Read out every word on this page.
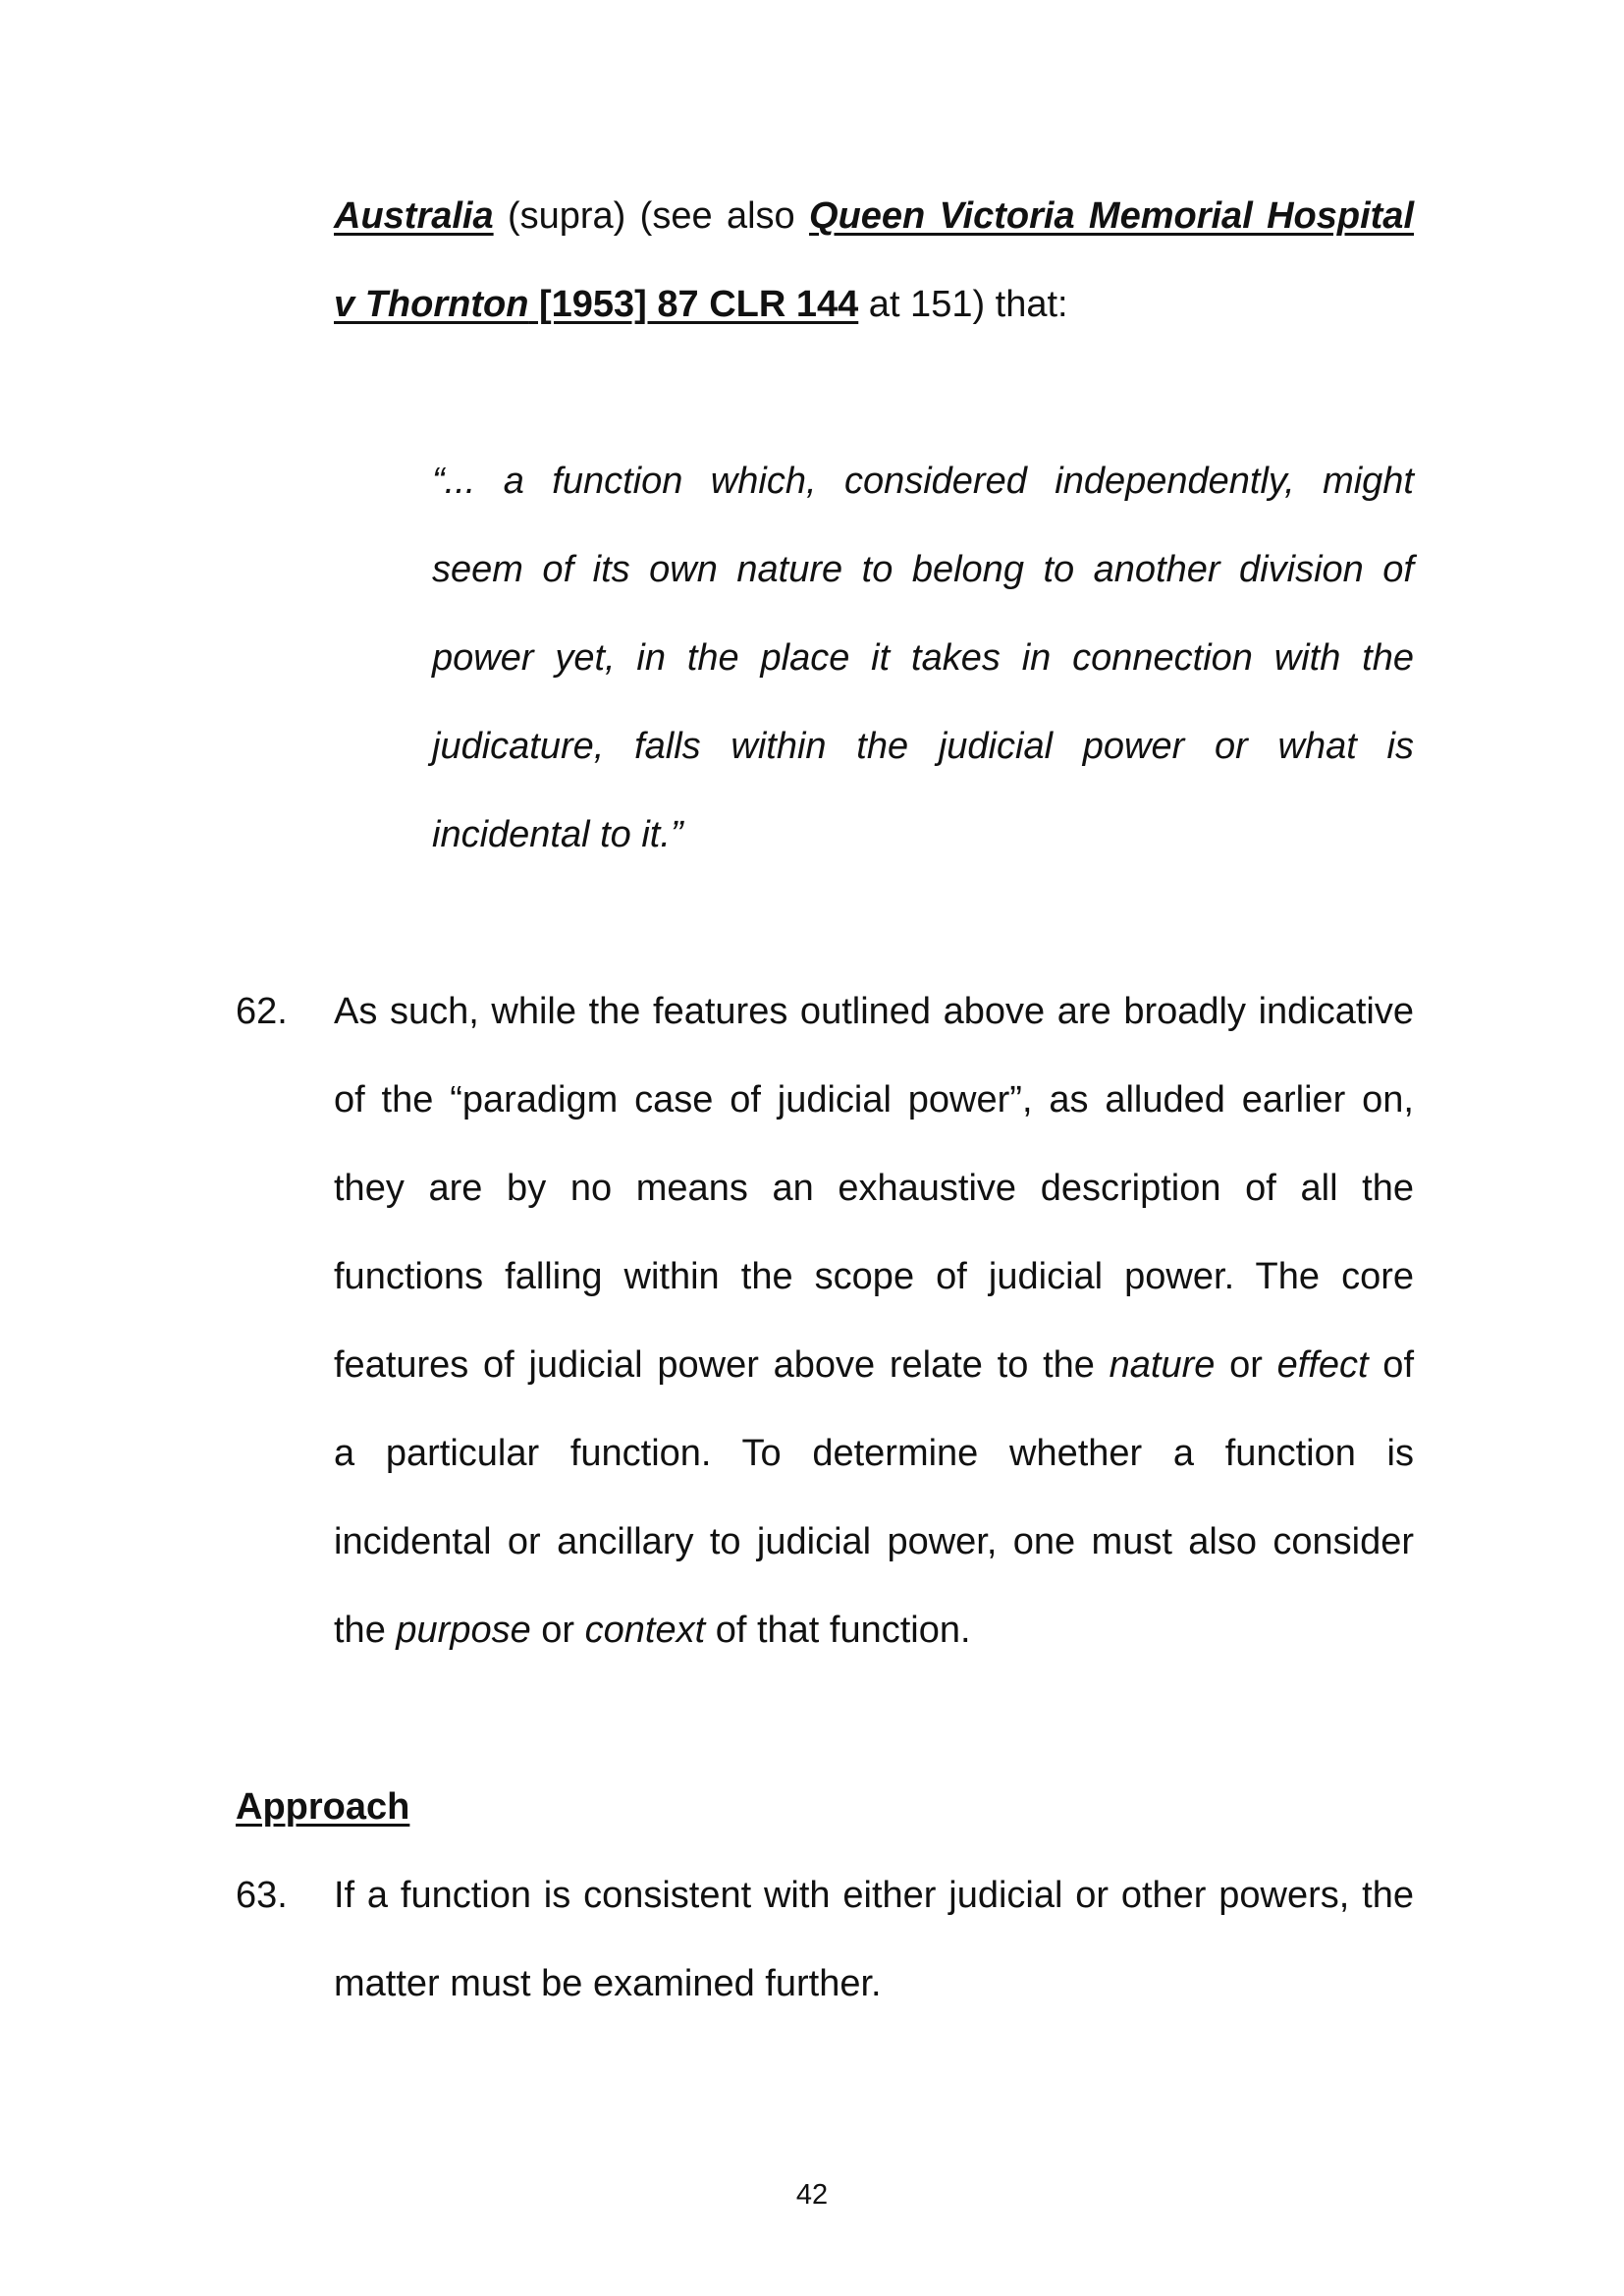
Australia (supra) (see also Queen Victoria Memorial Hospital
v Thornton [1953] 87 CLR 144 at 151) that:
“... a function which, considered independently, might
seem of its own nature to belong to another division of
power yet, in the place it takes in connection with the
judicature, falls within the judicial power or what is
incidental to it.”
62. As such, while the features outlined above are broadly indicative
of the “paradigm case of judicial power”, as alluded earlier on,
they are by no means an exhaustive description of all the
functions falling within the scope of judicial power. The core
features of judicial power above relate to the nature or effect of
a particular function. To determine whether a function is
incidental or ancillary to judicial power, one must also consider
the purpose or context of that function.
Approach
63. If a function is consistent with either judicial or other powers, the
matter must be examined further.
42
